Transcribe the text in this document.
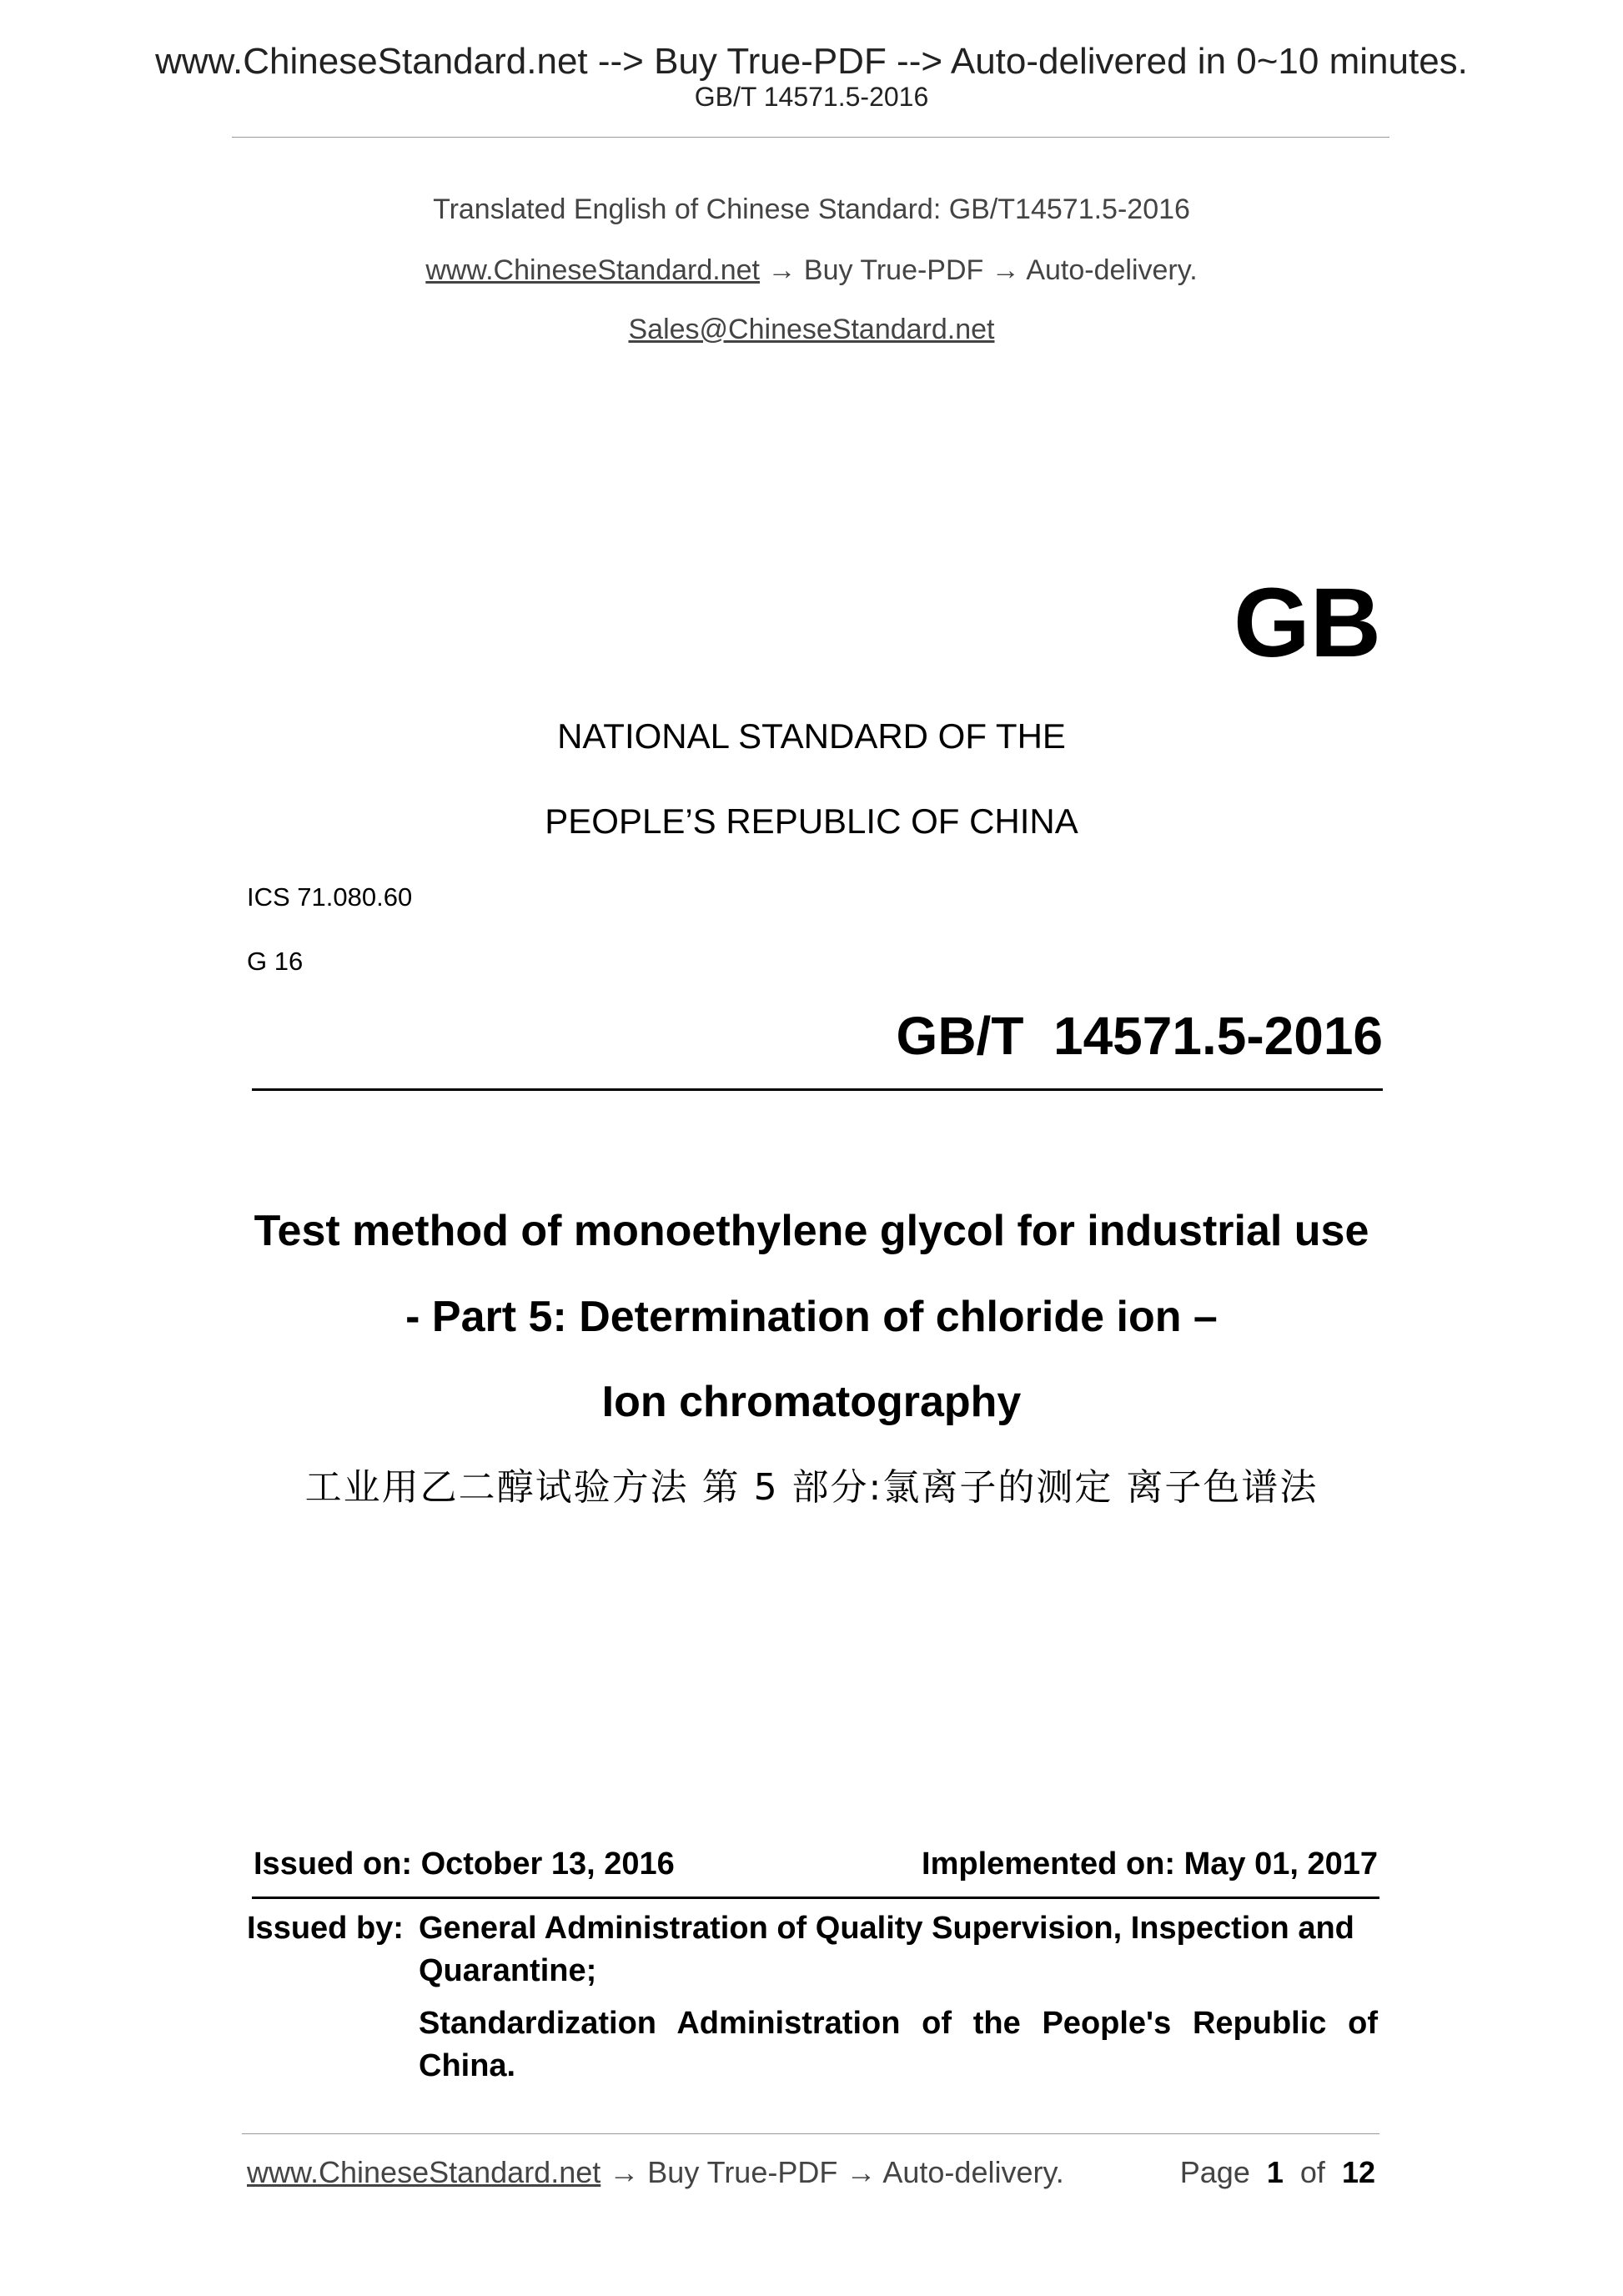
www.ChineseStandard.net --> Buy True-PDF --> Auto-delivered in 0~10 minutes.
GB/T 14571.5-2016
Translated English of Chinese Standard: GB/T14571.5-2016
www.ChineseStandard.net → Buy True-PDF → Auto-delivery.
Sales@ChineseStandard.net
GB
NATIONAL STANDARD OF THE
PEOPLE’S REPUBLIC OF CHINA
ICS 71.080.60
G 16
GB/T  14571.5-2016
Test method of monoethylene glycol for industrial use
- Part 5: Determination of chloride ion –
Ion chromatography
工业用乙二醇试验方法 第 5 部分:氯离子的测定 离子色谱法
Issued on: October 13, 2016	Implemented on: May 01, 2017
Issued by: General Administration of Quality Supervision, Inspection and
Quarantine;
Standardization Administration of the People's Republic of
China.
www.ChineseStandard.net → Buy True-PDF → Auto-delivery.	Page 1 of 12
